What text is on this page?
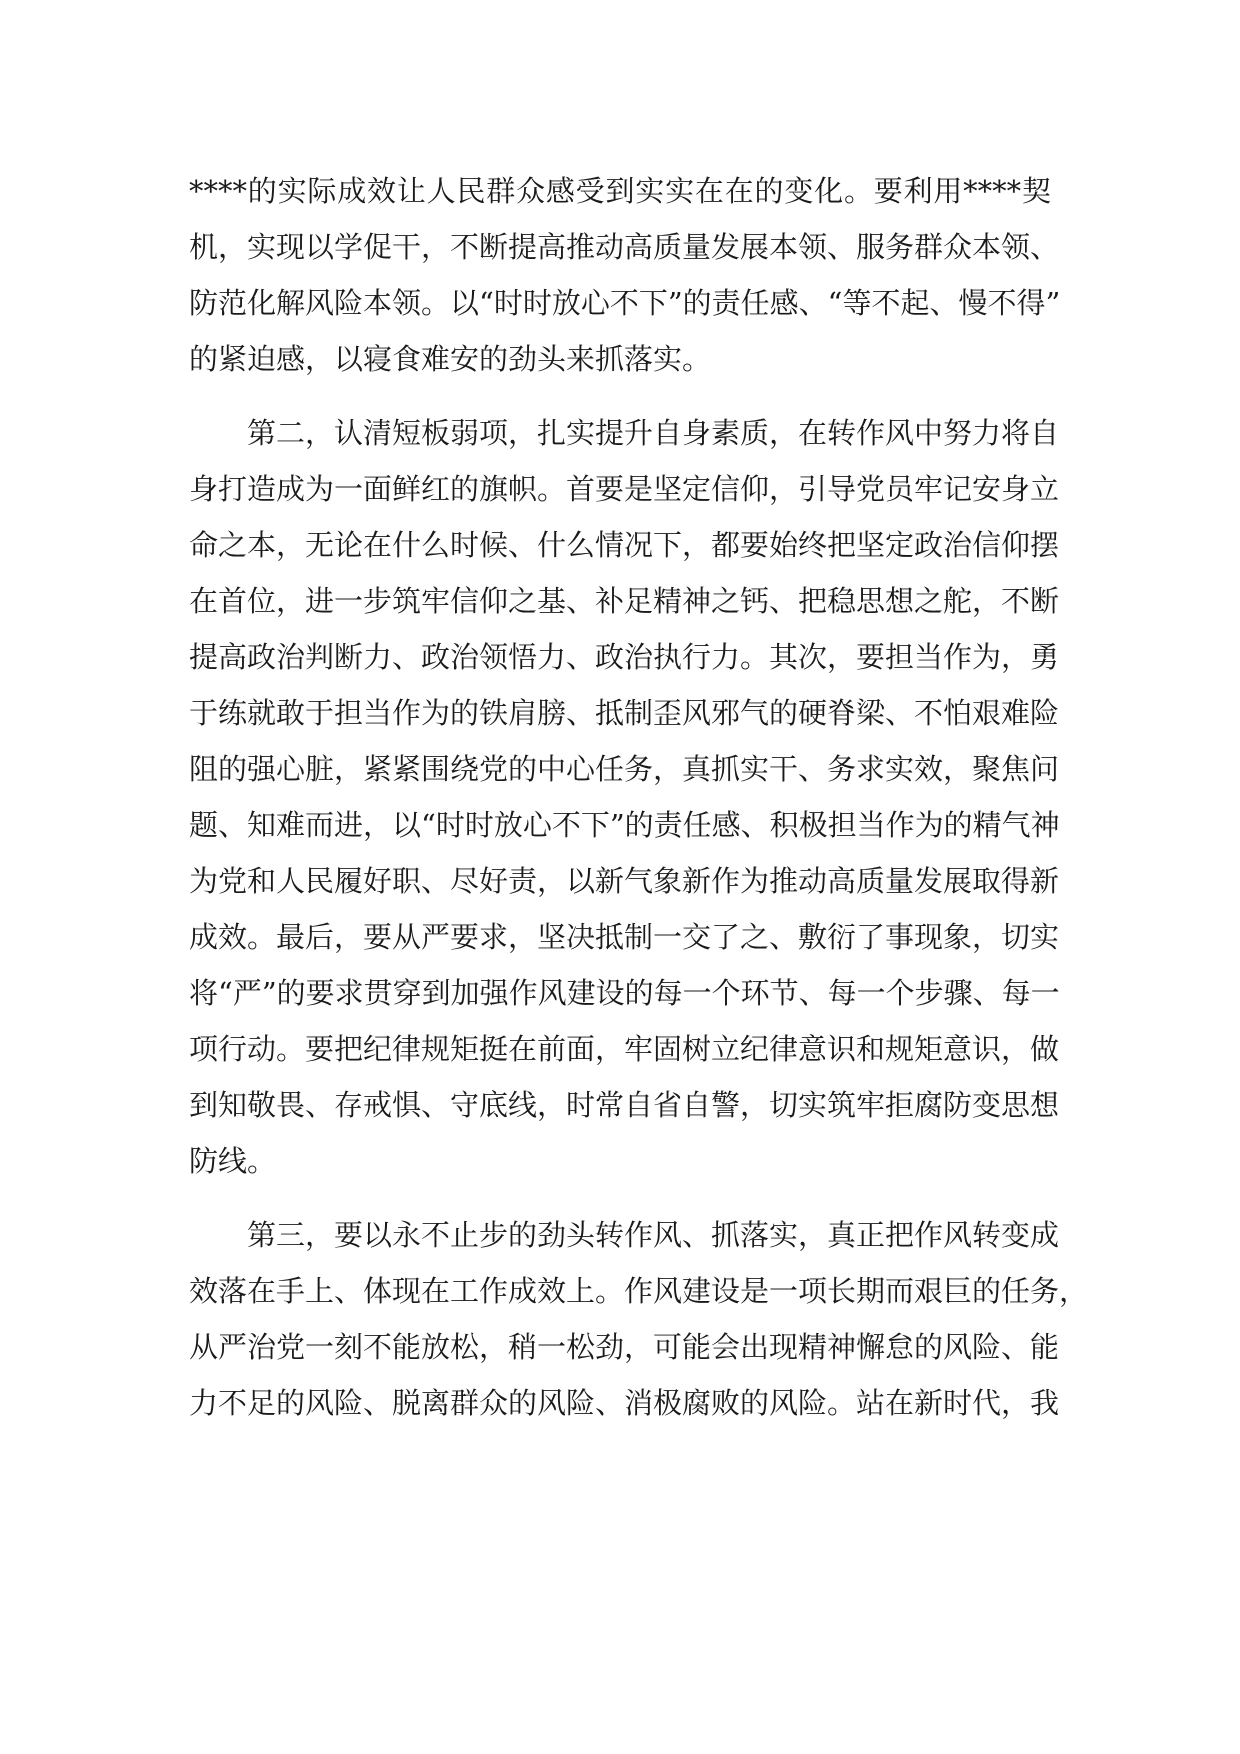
****的实际成效让人民群众感受到实实在在的变化。要利用****契
机，实现以学促干，不断提高推动高质量发展本领、服务群众本领、
防范化解风险本领。以“时时放心不下”的责任感、“等不起、慢不得”
的紧迫感，以寝食难安的劲头来抓落实。
第二，认清短板弱项，扎实提升自身素质，在转作风中努力将自
身打造成为一面鲜红的旗帜。首要是坚定信仰，引导党员牢记安身立
命之本，无论在什么时候、什么情况下，都要始终把坚定政治信仰摆
在首位，进一步筑牢信仰之基、补足精神之钙、把稳思想之舵，不断
提高政治判断力、政治领悟力、政治执行力。其次，要担当作为，勇
于练就敢于担当作为的铁肩膀、抵制歪风邪气的硬脊梁、不怕艰难险
阻的强心脏，紧紧围绕党的中心任务，真抓实干、务求实效，聚焦问
题、知难而进，以“时时放心不下”的责任感、积极担当作为的精气神
为党和人民履好职、尽好责，以新气象新作为推动高质量发展取得新
成效。最后，要从严要求，坚决抵制一交了之、敷衍了事现象，切实
将“严”的要求贯穿到加强作风建设的每一个环节、每一个步骤、每一
项行动。要把纪律规矩挺在前面，牢固树立纪律意识和规矩意识，做
到知敬畏、存戒惧、守底线，时常自省自警，切实筑牢拒腐防变思想
防线。
第三，要以永不止步的劲头转作风、抓落实，真正把作风转变成
效落在手上、体现在工作成效上。作风建设是一项长期而艰巨的任务，
从严治党一刻不能放松，稍一松劲，可能会出现精神懈怠的风险、能
力不足的风险、脱离群众的风险、消极腐败的风险。站在新时代，我
